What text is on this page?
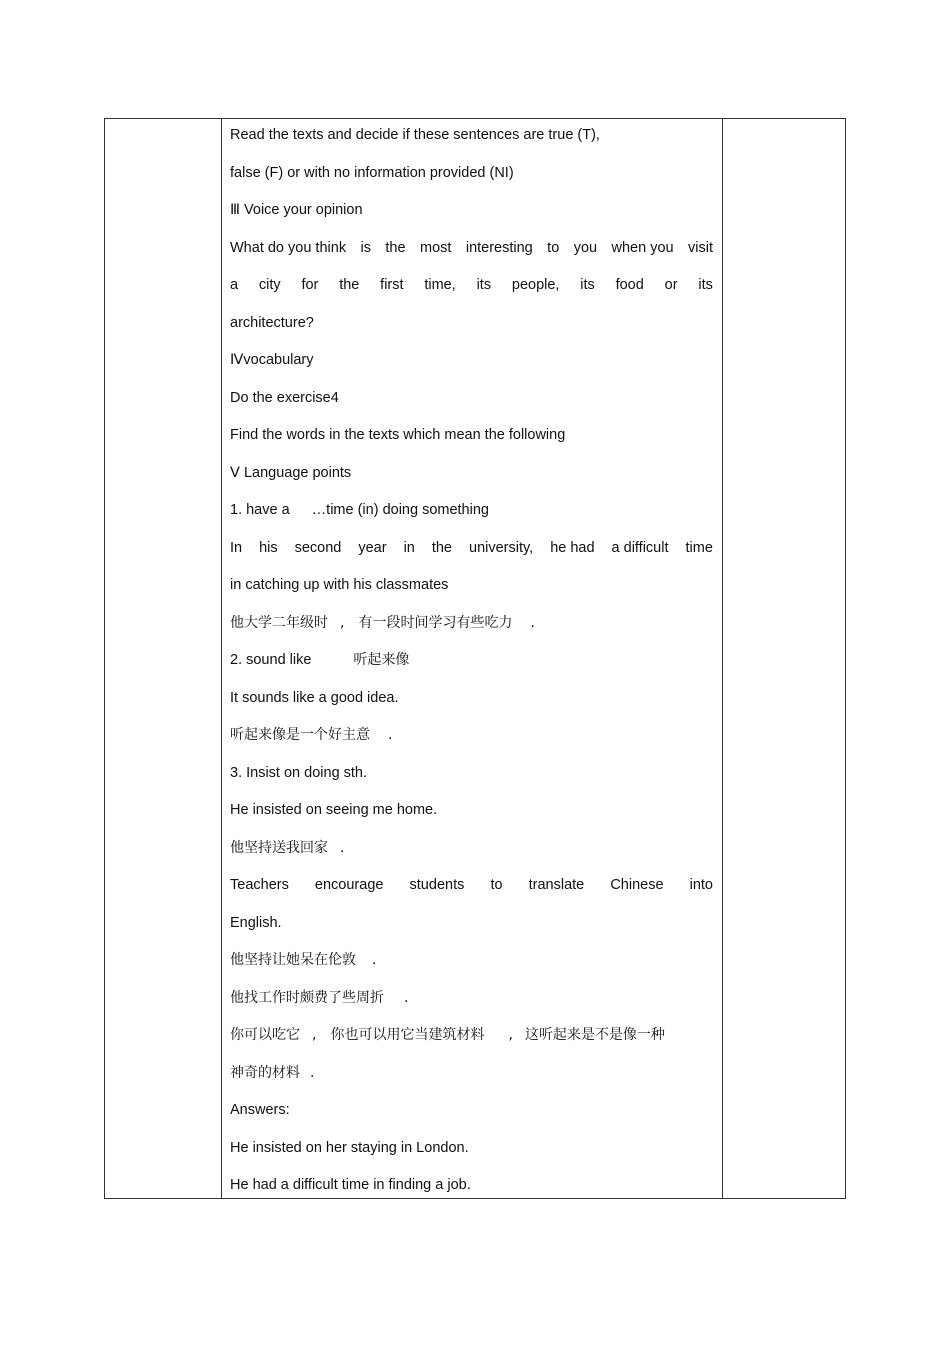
Read the texts and decide if these sentences are true (T),
false (F) or with no information provided (NI)
Ⅲ Voice your opinion
What do you think is the most interesting to you when you visit
a city for the first time, its people, its food or its
architecture?
Ⅳvocabulary
Do the exercise4
Find the words in the texts which mean the following
Ⅴ Language points
1. have a …time (in) doing something
In his second year in the university, he had a difficult time
in catching up with his classmates
他大学二年级时 , 有一段时间学习有些吃力 .
2. sound like	听起来像
It sounds like a good idea.
听起来像是一个好主意 .
3. Insist on doing sth.
He insisted on seeing me home.
他坚持送我回家 .
Teachers encourage students to translate Chinese into
English.
他坚持让她呆在伦敦 .
他找工作时颇费了些周折 .
你可以吃它 , 你也可以用它当建筑材料 , 这听起来是不是像一种
神奇的材料 .
Answers:
He insisted on her staying in London.
He had a difficult time in finding a job.
